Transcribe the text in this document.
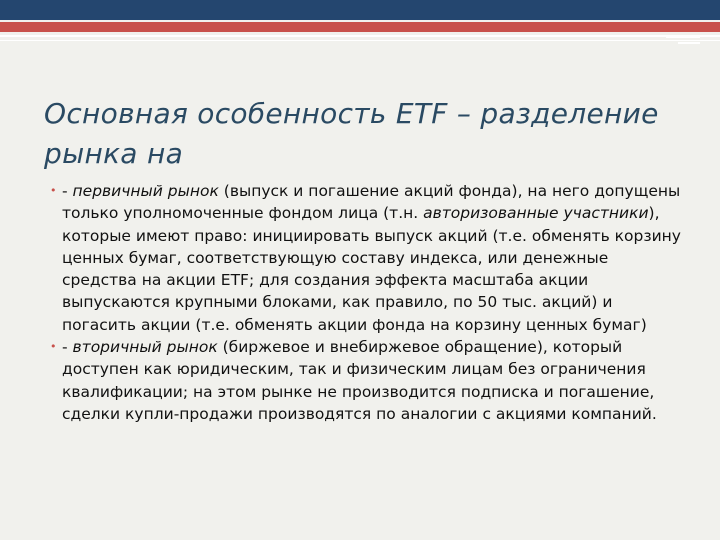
Основная особенность ETF – разделение рынка на

• - первичный рынок (выпуск и погашение акций фонда), на него допущены только уполномоченные фондом лица (т.н. авторизованные участники), которые имеют право: инициировать выпуск акций (т.е. обменять корзину ценных бумаг, соответствующую составу индекса, или денежные средства на акции ETF; для создания эффекта масштаба акции выпускаются крупными блоками, как правило, по 50 тыс. акций) и погасить акции (т.е. обменять акции фонда на корзину ценных бумаг)

• - вторичный рынок (биржевое и внебиржевое обращение), который доступен как юридическим, так и физическим лицам без ограничения квалификации; на этом рынке не производится подписка и погашение, сделки купли-продажи производятся по аналогии с акциями компаний.
